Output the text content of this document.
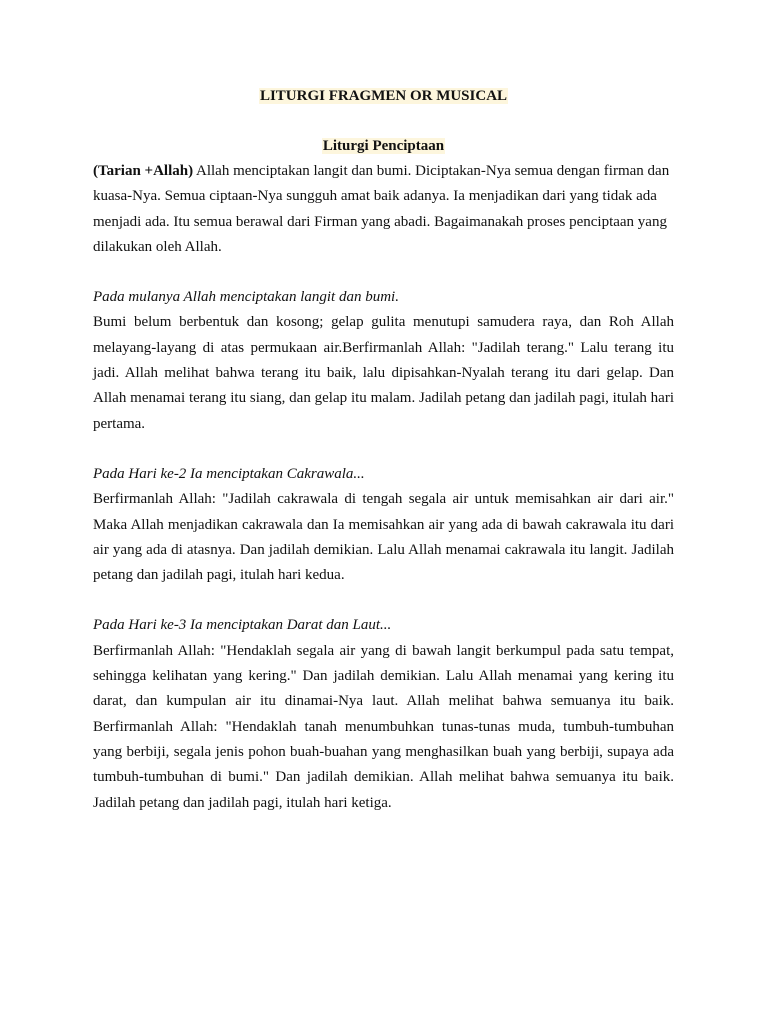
LITURGI FRAGMEN OR MUSICAL

Liturgi Penciptaan

(Tarian +Allah) Allah menciptakan langit dan bumi. Diciptakan-Nya semua dengan firman dan kuasa-Nya. Semua ciptaan-Nya sungguh amat baik adanya. Ia menjadikan dari yang tidak ada menjadi ada. Itu semua berawal dari Firman yang abadi. Bagaimanakah proses penciptaan yang dilakukan oleh Allah.

Pada mulanya Allah menciptakan langit dan bumi.

Bumi belum berbentuk dan kosong; gelap gulita menutupi samudera raya, dan Roh Allah melayang-layang di atas permukaan air.Berfirmanlah Allah: "Jadilah terang." Lalu terang itu jadi. Allah melihat bahwa terang itu baik, lalu dipisahkan-Nyalah terang itu dari gelap. Dan Allah menamai terang itu siang, dan gelap itu malam. Jadilah petang dan jadilah pagi, itulah hari pertama.

Pada Hari ke-2 Ia menciptakan Cakrawala...

Berfirmanlah Allah: "Jadilah cakrawala di tengah segala air untuk memisahkan air dari air." Maka Allah menjadikan cakrawala dan Ia memisahkan air yang ada di bawah cakrawala itu dari air yang ada di atasnya. Dan jadilah demikian. Lalu Allah menamai cakrawala itu langit. Jadilah petang dan jadilah pagi, itulah hari kedua.

Pada Hari ke-3 Ia menciptakan Darat dan Laut...

Berfirmanlah Allah: "Hendaklah segala air yang di bawah langit berkumpul pada satu tempat, sehingga kelihatan yang kering." Dan jadilah demikian. Lalu Allah menamai yang kering itu darat, dan kumpulan air itu dinamai-Nya laut. Allah melihat bahwa semuanya itu baik. Berfirmanlah Allah: "Hendaklah tanah menumbuhkan tunas-tunas muda, tumbuh-tumbuhan yang berbiji, segala jenis pohon buah-buahan yang menghasilkan buah yang berbiji, supaya ada tumbuh-tumbuhan di bumi." Dan jadilah demikian. Allah melihat bahwa semuanya itu baik. Jadilah petang dan jadilah pagi, itulah hari ketiga.
